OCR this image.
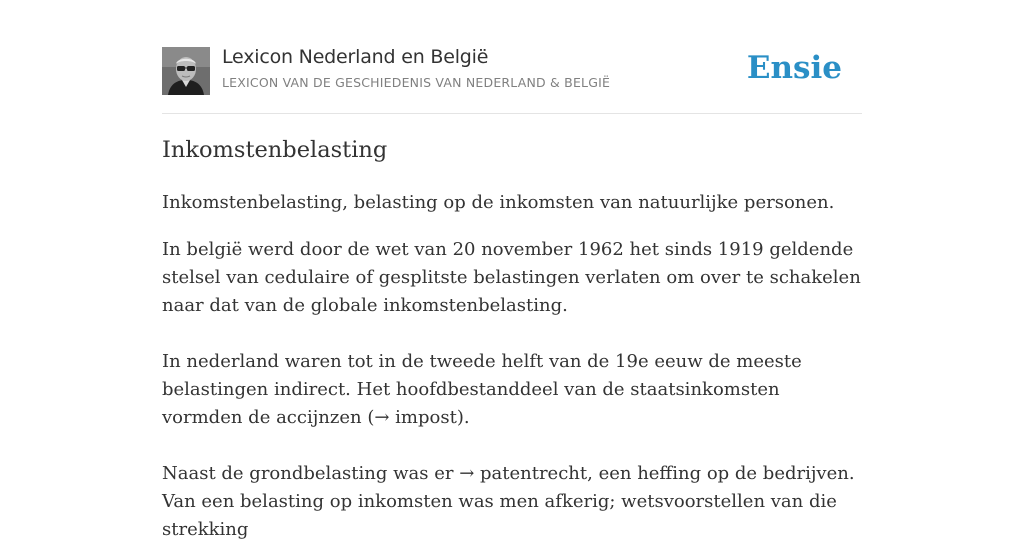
Lexicon Nederland en België
LEXICON VAN DE GESCHIEDENIS VAN NEDERLAND & BELGIË	Ensie
Inkomstenbelasting
Inkomstenbelasting, belasting op de inkomsten van natuurlijke personen.
In belgië werd door de wet van 20 november 1962 het sinds 1919 geldende stelsel van cedulaire of gesplitste belastingen verlaten om over te schakelen naar dat van de globale inkomstenbelasting.
In nederland waren tot in de tweede helft van de 19e eeuw de meeste belastingen indirect. Het hoofdbestanddeel van de staatsinkomsten vormden de accijnzen (→ impost).
Naast de grondbelasting was er → patentrecht, een heffing op de bedrijven. Van een belasting op inkomsten was men afkerig; wetsvoorstellen van die strekking
